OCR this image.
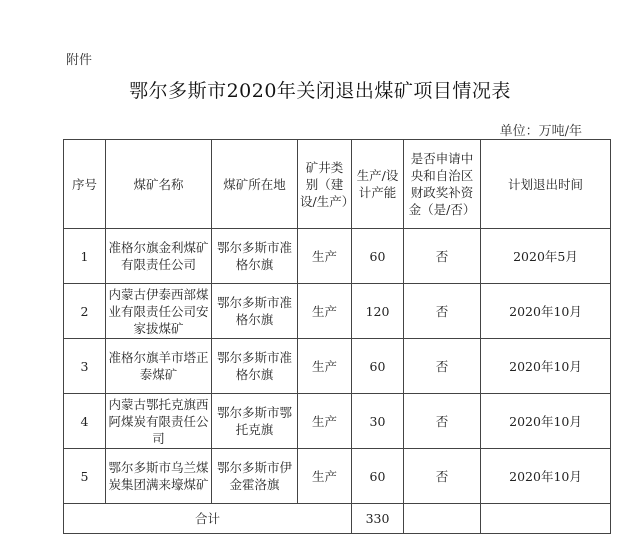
附件
鄂尔多斯市2020年关闭退出煤矿项目情况表
单位：万吨/年
序号	煤矿名称	煤矿所在地	矿井类别（建设/生产）	生产/设计产能	是否申请中央和自治区财政奖补资金（是/否）	计划退出时间
1	准格尔旗金利煤矿有限责任公司	鄂尔多斯市准格尔旗	生产	60	否	2020年5月
2	内蒙古伊泰西部煤业有限责任公司安家拔煤矿	鄂尔多斯市准格尔旗	生产	120	否	2020年10月
3	准格尔旗羊市塔正泰煤矿	鄂尔多斯市准格尔旗	生产	60	否	2020年10月
4	内蒙古鄂托克旗西阿煤炭有限责任公司	鄂尔多斯市鄂托克旗	生产	30	否	2020年10月
5	鄂尔多斯市乌兰煤炭集团满来壕煤矿	鄂尔多斯市伊金霍洛旗	生产	60	否	2020年10月
合计				330		
